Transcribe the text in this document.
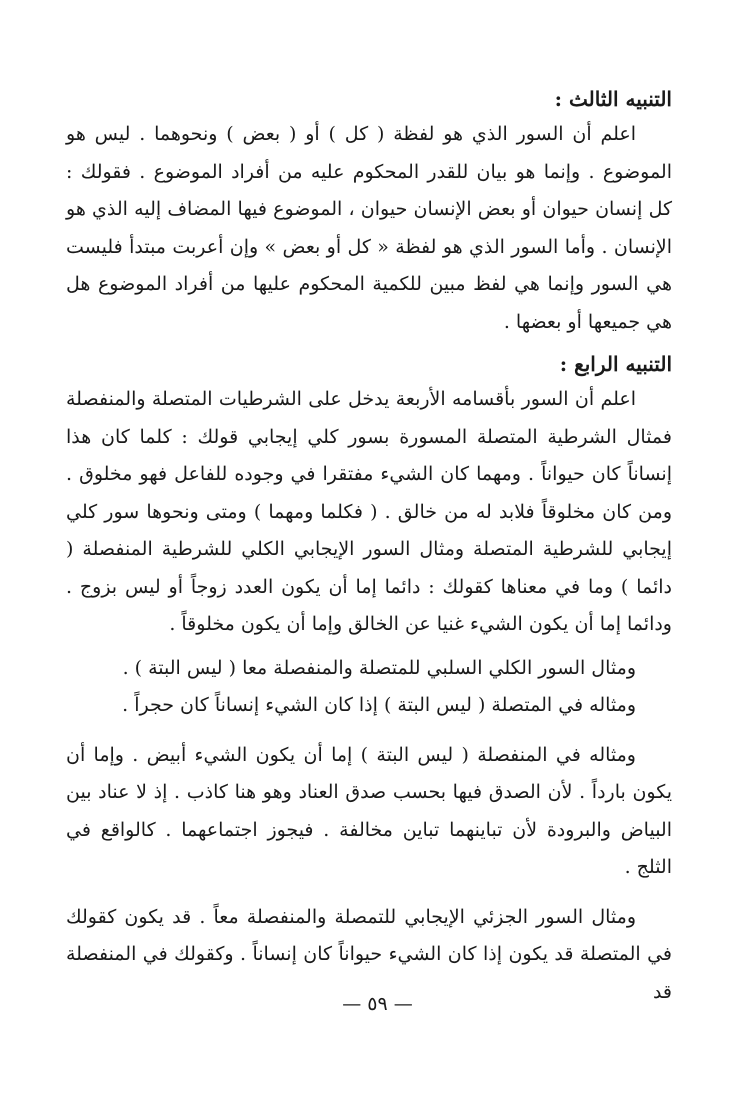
التنبيه الثالث :

اعلم أن السور الذي هو لفظة ( كل ) أو ( بعض ) ونحوهما . ليس هو الموضوع . وإنما هو بيان للقدر المحكوم عليه من أفراد الموضوع . فقولك : كل إنسان حيوان أو بعض الإنسان حيوان ، الموضوع فيها المضاف إليه الذي هو الإنسان . وأما السور الذي هو لفظة « كل أو بعض » وإن أعربت مبتدأ فليست هي السور وإنما هي لفظ مبين للكمية المحكوم عليها من أفراد الموضوع هل هي جميعها أو بعضها .

التنبيه الرابع :

اعلم أن السور بأقسامه الأربعة يدخل على الشرطيات المتصلة والمنفصلة فمثال الشرطية المتصلة المسورة بسور كلي إيجابي قولك : كلما كان هذا إنساناً كان حيواناً . ومهما كان الشيء مفتقرا في وجوده للفاعل فهو مخلوق . ومن كان مخلوقاً فلابد له من خالق . ( فكلما ومهما ) ومتى ونحوها سور كلي إيجابي للشرطية المتصلة ومثال السور الإيجابي الكلي للشرطية المنفصلة ( دائما ) وما في معناها كقولك : دائما إما أن يكون العدد زوجاً أو ليس بزوج . ودائما إما أن يكون الشيء غنيا عن الخالق وإما أن يكون مخلوقاً .

ومثال السور الكلي السلبي للمتصلة والمنفصلة معا ( ليس البتة ) .

ومثاله في المتصلة ( ليس البتة ) إذا كان الشيء إنساناً كان حجراً .

ومثاله في المنفصلة ( ليس البتة ) إما أن يكون الشيء أبيض . وإما أن يكون بارداً . لأن الصدق فيها بحسب صدق العناد وهو هنا كاذب . إذ لا عناد بين البياض والبرودة لأن تباينهما تباين مخالفة . فيجوز اجتماعهما . كالواقع في الثلج .

ومثال السور الجزئي الإيجابي للتمصلة والمنفصلة معاً . قد يكون كقولك في المتصلة قد يكون إذا كان الشيء حيواناً كان إنساناً . وكقولك في المنفصلة قد

— ٥٩ —
